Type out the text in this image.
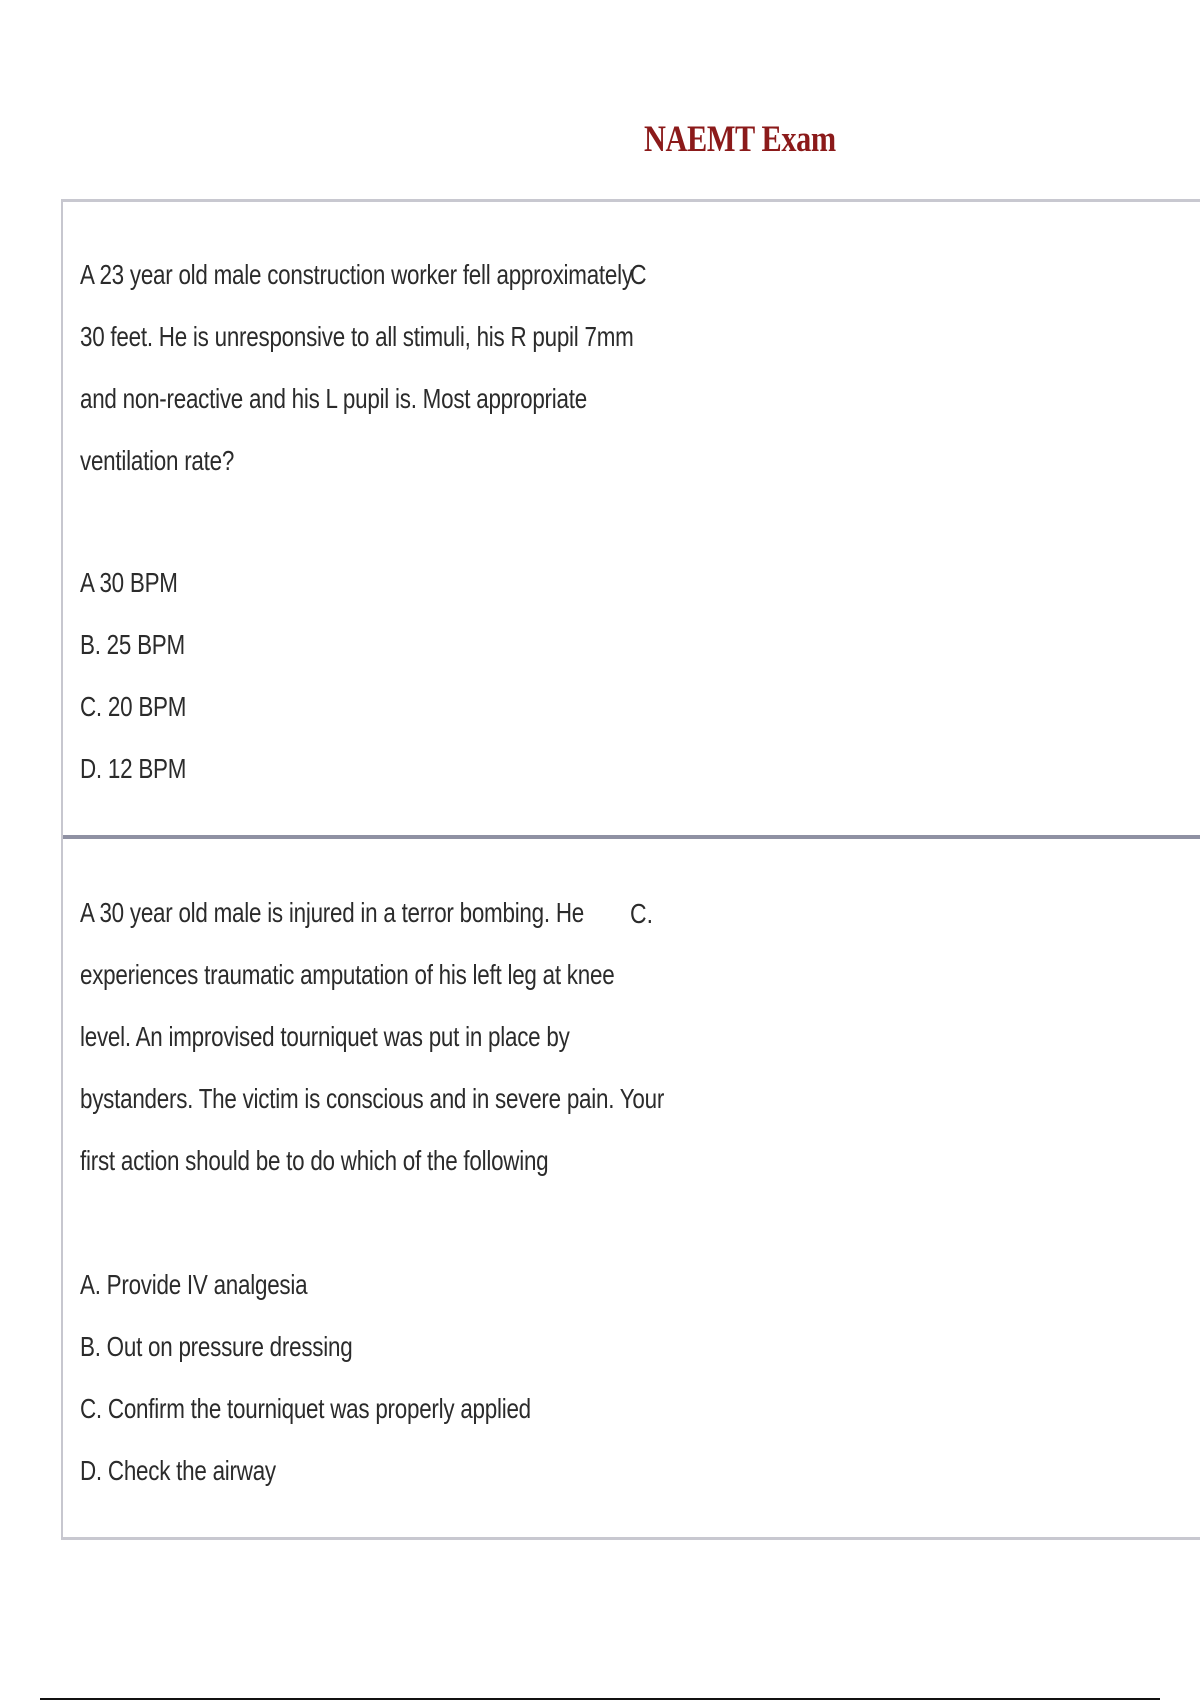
NAEMT Exam
A 23 year old male construction worker fell approximately
30 feet. He is unresponsive to all stimuli, his R pupil 7mm
and non-reactive and his L pupil is. Most appropriate
ventilation rate?
A 30 BPM
B. 25 BPM
C. 20 BPM
D. 12 BPM
C
A 30 year old male is injured in a terror bombing. He
experiences traumatic amputation of his left leg at knee
level. An improvised tourniquet was put in place by
bystanders. The victim is conscious and in severe pain. Your
first action should be to do which of the following
A. Provide IV analgesia
B. Out on pressure dressing
C. Confirm the tourniquet was properly applied
D. Check the airway
C.
